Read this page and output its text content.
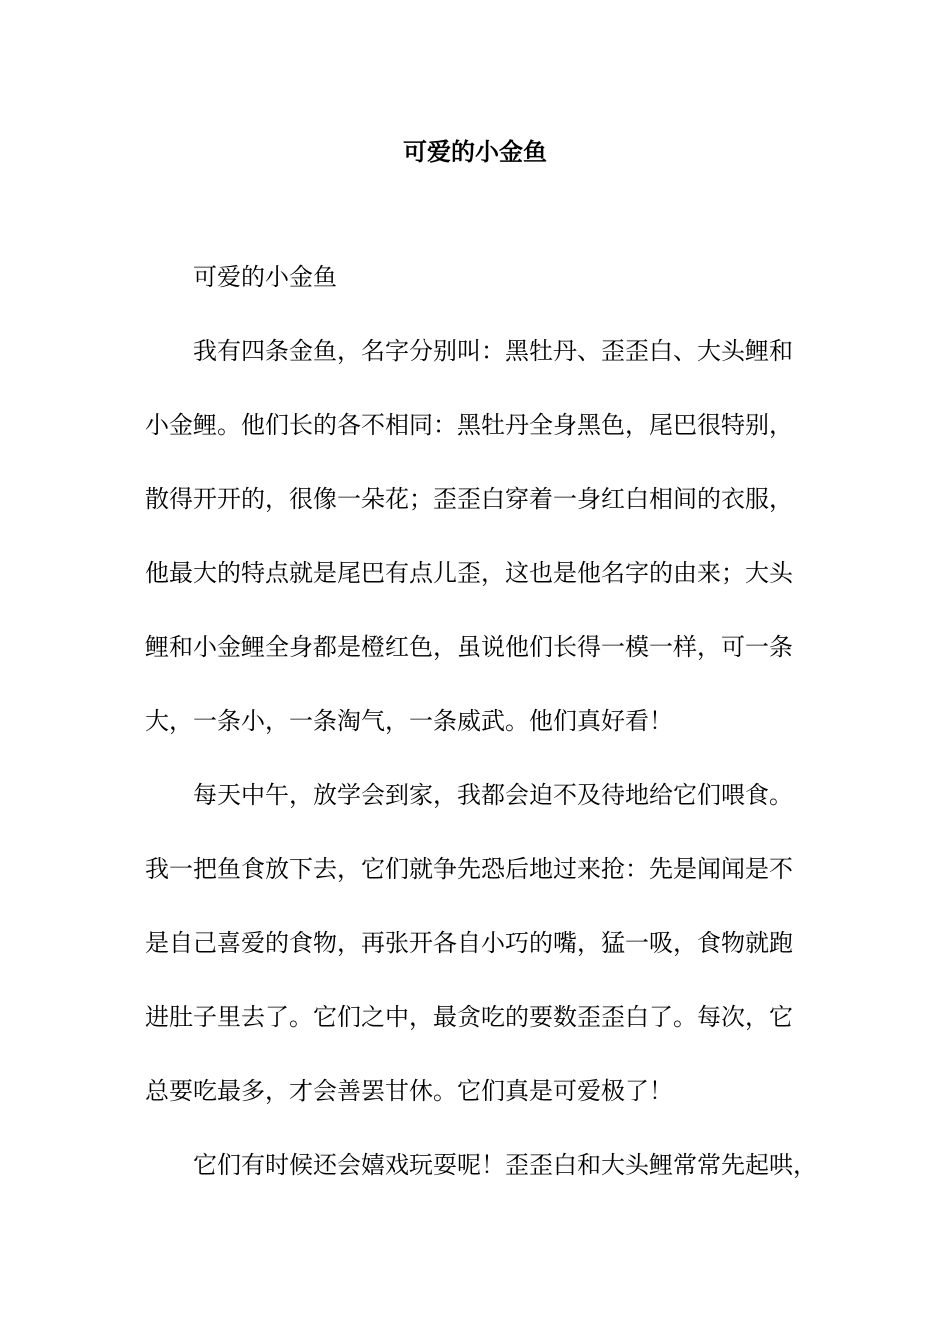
可爱的小金鱼

可爱的小金鱼

我有四条金鱼，名字分别叫：黑牡丹、歪歪白、大头鲤和
小金鲤。他们长的各不相同：黑牡丹全身黑色，尾巴很特别，
散得开开的，很像一朵花；歪歪白穿着一身红白相间的衣服，
他最大的特点就是尾巴有点儿歪，这也是他名字的由来；大头
鲤和小金鲤全身都是橙红色，虽说他们长得一模一样，可一条
大，一条小，一条淘气，一条威武。他们真好看！

每天中午，放学会到家，我都会迫不及待地给它们喂食。
我一把鱼食放下去，它们就争先恐后地过来抢：先是闻闻是不
是自己喜爱的食物，再张开各自小巧的嘴，猛一吸，食物就跑
进肚子里去了。它们之中，最贪吃的要数歪歪白了。每次，它
总要吃最多，才会善罢甘休。它们真是可爱极了！

它们有时候还会嬉戏玩耍呢！歪歪白和大头鲤常常先起哄，
